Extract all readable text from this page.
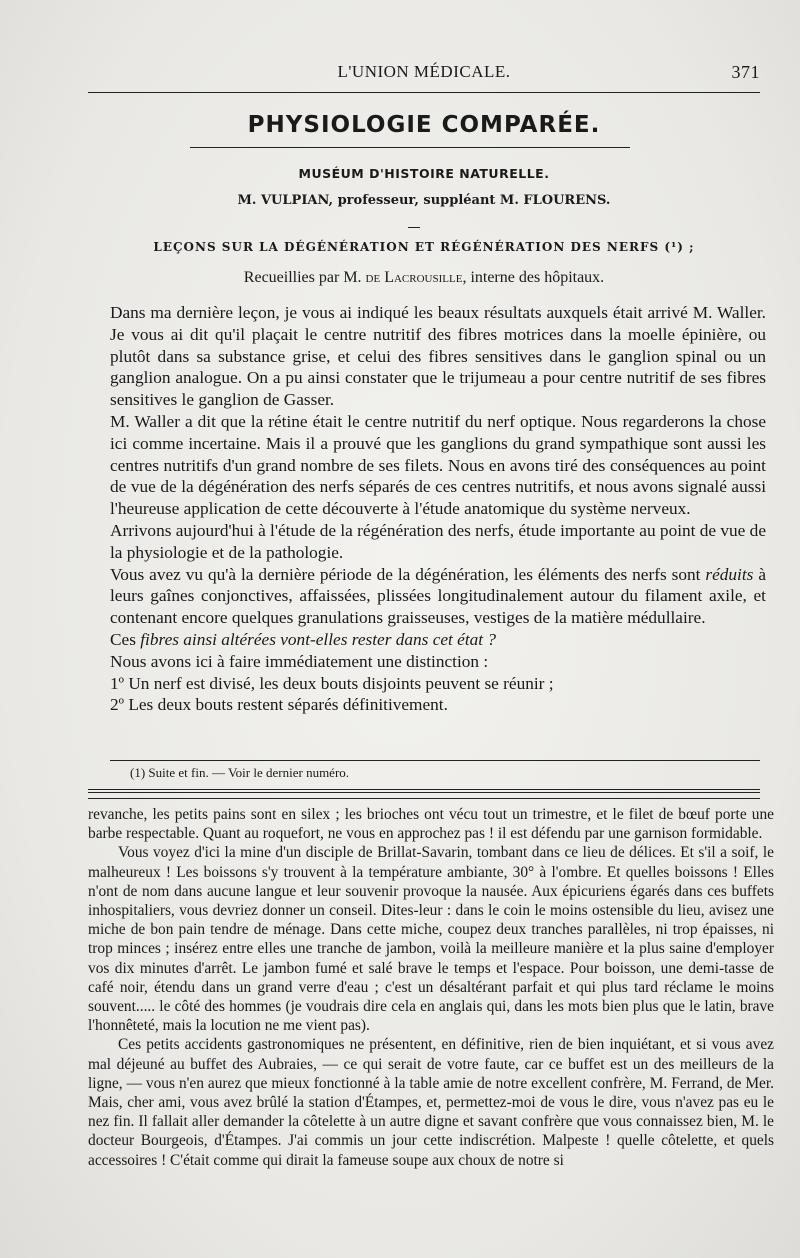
L'UNION MÉDICALE.	371
PHYSIOLOGIE COMPARÉE.
MUSÉUM D'HISTOIRE NATURELLE.
M. VULPIAN, professeur, suppléant M. FLOURENS.
LEÇONS SUR LA DÉGÉNÉRATION ET RÉGÉNÉRATION DES NERFS (¹) ;
Recueillies par M. de Lacrousille, interne des hôpitaux.

Dans ma dernière leçon, je vous ai indiqué les beaux résultats auxquels était arrivé M. Waller. Je vous ai dit qu'il plaçait le centre nutritif des fibres motrices dans la moelle épinière, ou plutôt dans sa substance grise, et celui des fibres sensitives dans le ganglion spinal ou un ganglion analogue. On a pu ainsi constater que le trijumeau a pour centre nutritif de ses fibres sensitives le ganglion de Gasser.

M. Waller a dit que la rétine était le centre nutritif du nerf optique. Nous regarderons la chose ici comme incertaine. Mais il a prouvé que les ganglions du grand sympathique sont aussi les centres nutritifs d'un grand nombre de ses filets. Nous en avons tiré des conséquences au point de vue de la dégénération des nerfs séparés de ces centres nutritifs, et nous avons signalé aussi l'heureuse application de cette découverte à l'étude anatomique du système nerveux.

Arrivons aujourd'hui à l'étude de la régénération des nerfs, étude importante au point de vue de la physiologie et de la pathologie.

Vous avez vu qu'à la dernière période de la dégénération, les éléments des nerfs sont réduits à leurs gaînes conjonctives, affaissées, plissées longitudinalement autour du filament axile, et contenant encore quelques granulations graisseuses, vestiges de la matière médullaire.

Ces fibres ainsi altérées vont-elles rester dans cet état ?

Nous avons ici à faire immédiatement une distinction :

1º Un nerf est divisé, les deux bouts disjoints peuvent se réunir ;

2º Les deux bouts restent séparés définitivement.

(1) Suite et fin. — Voir le dernier numéro.

revanche, les petits pains sont en silex ; les brioches ont vécu tout un trimestre, et le filet de bœuf porte une barbe respectable. Quant au roquefort, ne vous en approchez pas ! il est défendu par une garnison formidable.

Vous voyez d'ici la mine d'un disciple de Brillat-Savarin, tombant dans ce lieu de délices. Et s'il a soif, le malheureux ! Les boissons s'y trouvent à la température ambiante, 30° à l'ombre. Et quelles boissons ! Elles n'ont de nom dans aucune langue et leur souvenir provoque la nausée. Aux épicuriens égarés dans ces buffets inhospitaliers, vous devriez donner un conseil. Dites-leur : dans le coin le moins ostensible du lieu, avisez une miche de bon pain tendre de ménage. Dans cette miche, coupez deux tranches parallèles, ni trop épaisses, ni trop minces ; insérez entre elles une tranche de jambon, voilà la meilleure manière et la plus saine d'employer vos dix minutes d'arrêt. Le jambon fumé et salé brave le temps et l'espace. Pour boisson, une demi-tasse de café noir, étendu dans un grand verre d'eau ; c'est un désaltérant parfait et qui plus tard réclame le moins souvent..... le côté des hommes (je voudrais dire cela en anglais qui, dans les mots bien plus que le latin, brave l'honnêteté, mais la locution ne me vient pas).

Ces petits accidents gastronomiques ne présentent, en définitive, rien de bien inquiétant, et si vous avez mal déjeuné au buffet des Aubraies, — ce qui serait de votre faute, car ce buffet est un des meilleurs de la ligne, — vous n'en aurez que mieux fonctionné à la table amie de notre excellent confrère, M. Ferrand, de Mer. Mais, cher ami, vous avez brûlé la station d'Étampes, et, permettez-moi de vous le dire, vous n'avez pas eu le nez fin. Il fallait aller demander la côtelette à un autre digne et savant confrère que vous connaissez bien, M. le docteur Bourgeois, d'Étampes. J'ai commis un jour cette indiscrétion. Malpeste ! quelle côtelette, et quels accessoires ! C'était comme qui dirait la fameuse soupe aux choux de notre si
